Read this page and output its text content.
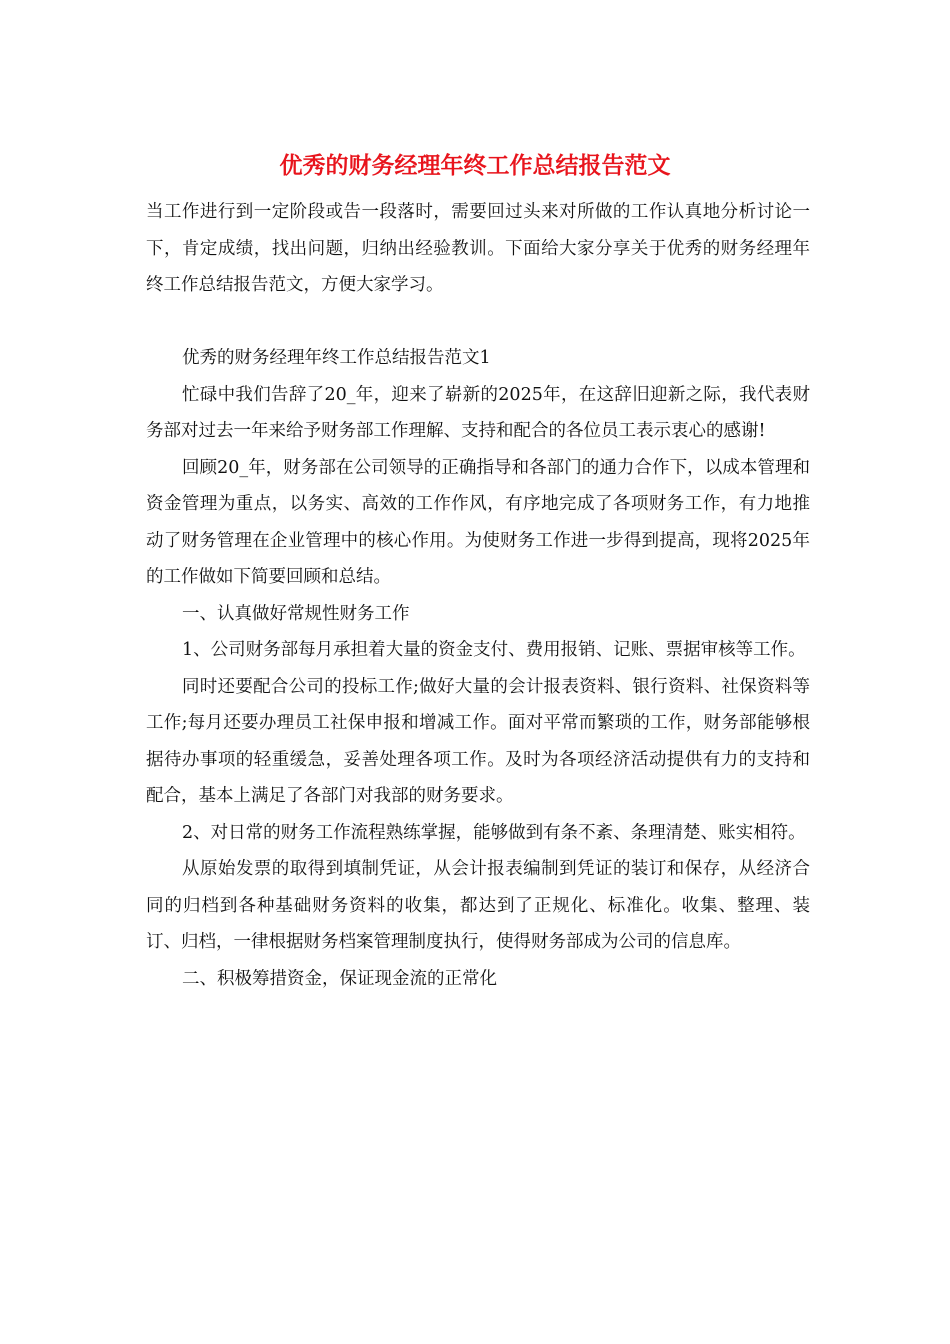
优秀的财务经理年终工作总结报告范文

当工作进行到一定阶段或告一段落时，需要回过头来对所做的工作认真地分析讨论一下，肯定成绩，找出问题，归纳出经验教训。下面给大家分享关于优秀的财务经理年终工作总结报告范文，方便大家学习。

优秀的财务经理年终工作总结报告范文1

忙碌中我们告辞了20_年，迎来了崭新的2025年，在这辞旧迎新之际，我代表财务部对过去一年来给予财务部工作理解、支持和配合的各位员工表示衷心的感谢!

回顾20_年，财务部在公司领导的正确指导和各部门的通力合作下，以成本管理和资金管理为重点，以务实、高效的工作作风，有序地完成了各项财务工作，有力地推动了财务管理在企业管理中的核心作用。为使财务工作进一步得到提高，现将2025年的工作做如下简要回顾和总结。

一、认真做好常规性财务工作

1、公司财务部每月承担着大量的资金支付、费用报销、记账、票据审核等工作。

同时还要配合公司的投标工作;做好大量的会计报表资料、银行资料、社保资料等工作;每月还要办理员工社保申报和增减工作。面对平常而繁琐的工作，财务部能够根据待办事项的轻重缓急，妥善处理各项工作。及时为各项经济活动提供有力的支持和配合，基本上满足了各部门对我部的财务要求。

2、对日常的财务工作流程熟练掌握，能够做到有条不紊、条理清楚、账实相符。

从原始发票的取得到填制凭证，从会计报表编制到凭证的装订和保存，从经济合同的归档到各种基础财务资料的收集，都达到了正规化、标准化。收集、整理、装订、归档，一律根据财务档案管理制度执行，使得财务部成为公司的信息库。

二、积极筹措资金，保证现金流的正常化
